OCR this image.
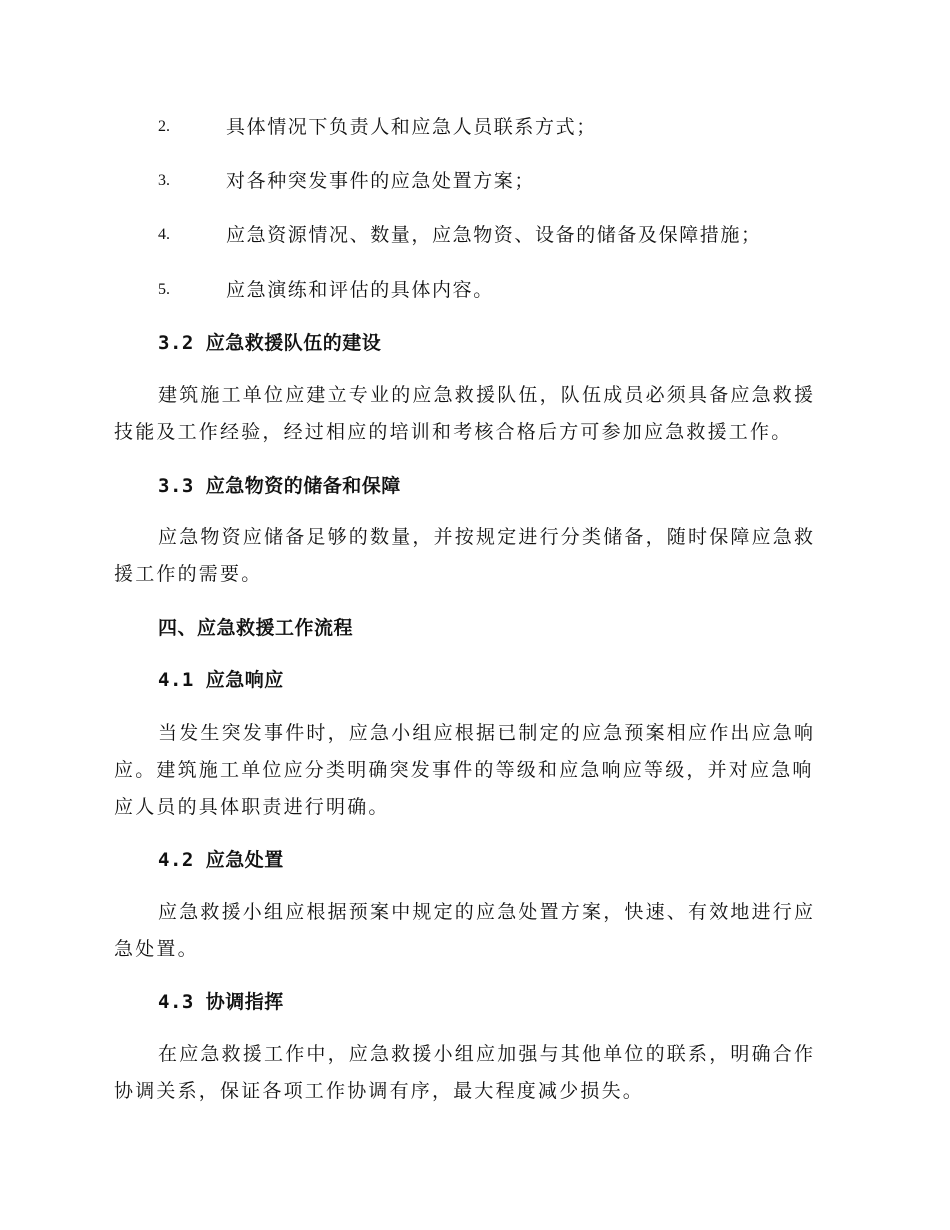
2.	具体情况下负责人和应急人员联系方式；
3.	对各种突发事件的应急处置方案；
4.	应急资源情况、数量，应急物资、设备的储备及保障措施；
5.	应急演练和评估的具体内容。
3.2 应急救援队伍的建设
建筑施工单位应建立专业的应急救援队伍，队伍成员必须具备应急救援
技能及工作经验，经过相应的培训和考核合格后方可参加应急救援工作。
3.3 应急物资的储备和保障
应急物资应储备足够的数量，并按规定进行分类储备，随时保障应急救
援工作的需要。
四、应急救援工作流程
4.1 应急响应
当发生突发事件时，应急小组应根据已制定的应急预案相应作出应急响
应。建筑施工单位应分类明确突发事件的等级和应急响应等级，并对应急响
应人员的具体职责进行明确。
4.2 应急处置
应急救援小组应根据预案中规定的应急处置方案，快速、有效地进行应
急处置。
4.3 协调指挥
在应急救援工作中，应急救援小组应加强与其他单位的联系，明确合作
协调关系，保证各项工作协调有序，最大程度减少损失。
